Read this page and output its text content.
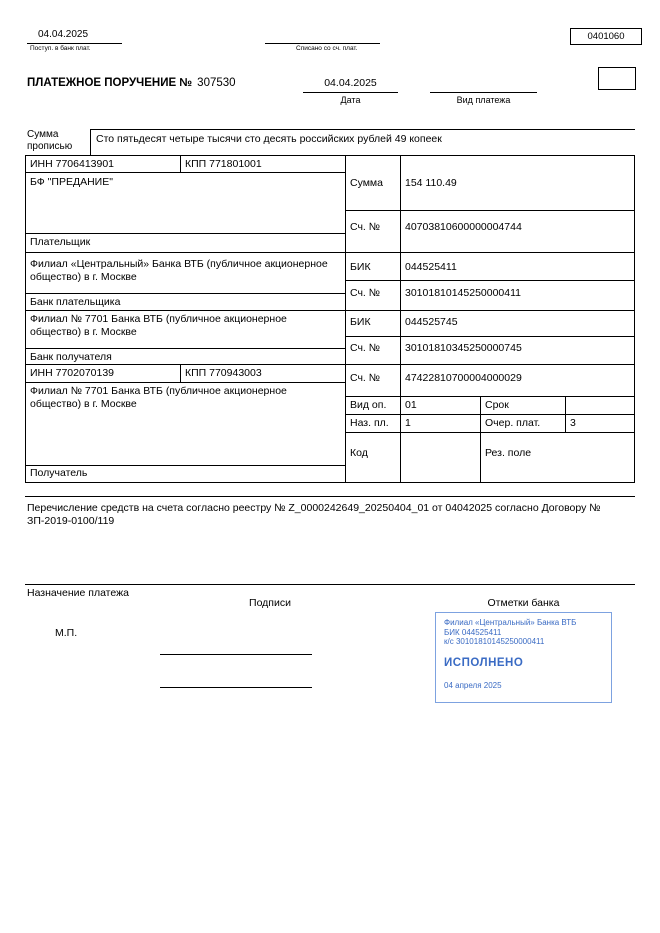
04.04.2025
Поступ. в банк плат.	Списано со сч. плат.
0401060
ПЛАТЕЖНОЕ ПОРУЧЕНИЕ № 307530	04.04.2025
Дата	Вид платежа
Сумма прописью
Сто пятьдесят четыре тысячи сто десять российских рублей 49 копеек
ИНН 7706413901	КПП 771801001
БФ "ПРЕДАНИЕ"
Плательщик
Сумма 154 110.49
Сч. № 40703810600000004744
Филиал «Центральный» Банка ВТБ (публичное акционерное общество) в г. Москве
Банк плательщика
БИК	044525411
Сч. № 30101810145250000411
Филиал № 7701 Банка ВТБ (публичное акционерное общество) в г. Москве
Банк получателя
БИК	044525745
Сч. № 30101810345250000745
ИНН 7702070139	КПП 770943003	Сч. № 47422810700004000029
Филиал № 7701 Банка ВТБ (публичное акционерное общество) в г. Москве
Получатель
Вид оп. 01	Срок
Наз. пл. 1	Очер. плат.	3
Код	Рез. поле
Перечисление средств на счета согласно реестру № Z_0000242649_20250404_01 от 04042025 согласно Договору № ЗП-2019-0100/119
Назначение платежа
Подписи	Отметки банка
М.П.
Филиал «Центральный» Банка ВТБ
БИК 044525411
к/с 30101810145250000411
ИСПОЛНЕНО
04 апреля 2025
